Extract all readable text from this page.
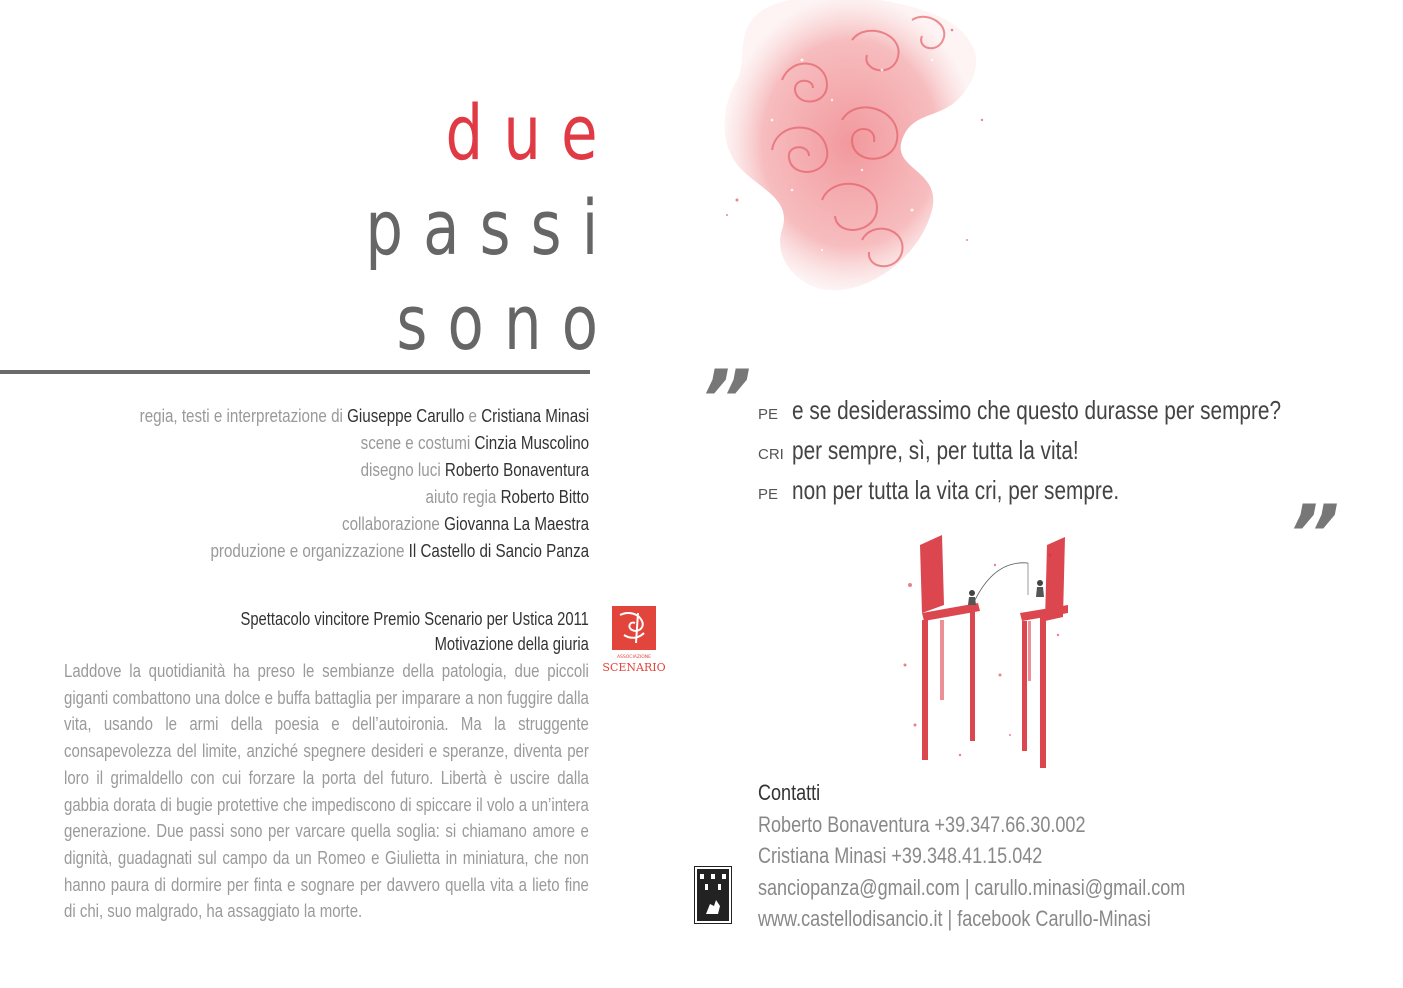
due
passi
sono
regia, testi e interpretazione di Giuseppe Carullo e Cristiana Minasi
scene e costumi Cinzia Muscolino
disegno luci Roberto Bonaventura
aiuto regia Roberto Bitto
collaborazione Giovanna La Maestra
produzione e organizzazione Il Castello di Sancio Panza
Spettacolo vincitore Premio Scenario per Ustica 2011
Motivazione della giuria
ASSOCIAZIONE
SCENARIO
Laddove la quotidianità ha preso le sembianze della patologia, due piccoli giganti combattono una dolce e buffa battaglia per imparare a non fuggire dalla vita, usando le armi della poesia e dell’autoironia. Ma la struggente consapevolezza del limite, anziché spegnere desideri e speranze, diventa per loro il grimaldello con cui forzare la porta del futuro. Libertà è uscire dalla gabbia dorata di bugie protettive che impediscono di spiccare il volo a un’intera generazione. Due passi sono per varcare quella soglia: si chiamano amore e dignità, guadagnati sul campo da un Romeo e Giulietta in miniatura, che non hanno paura di dormire per finta e sognare per davvero quella vita a lieto fine di chi, suo malgrado, ha assaggiato la morte.
”
”
PE e se desiderassimo che questo durasse per sempre?
CRI per sempre, sì, per tutta la vita!
PE non per tutta la vita cri, per sempre.
Contatti
Roberto Bonaventura +39.347.66.30.002
Cristiana Minasi +39.348.41.15.042
sanciopanza@gmail.com | carullo.minasi@gmail.com
www.castellodisancio.it | facebook Carullo-Minasi
